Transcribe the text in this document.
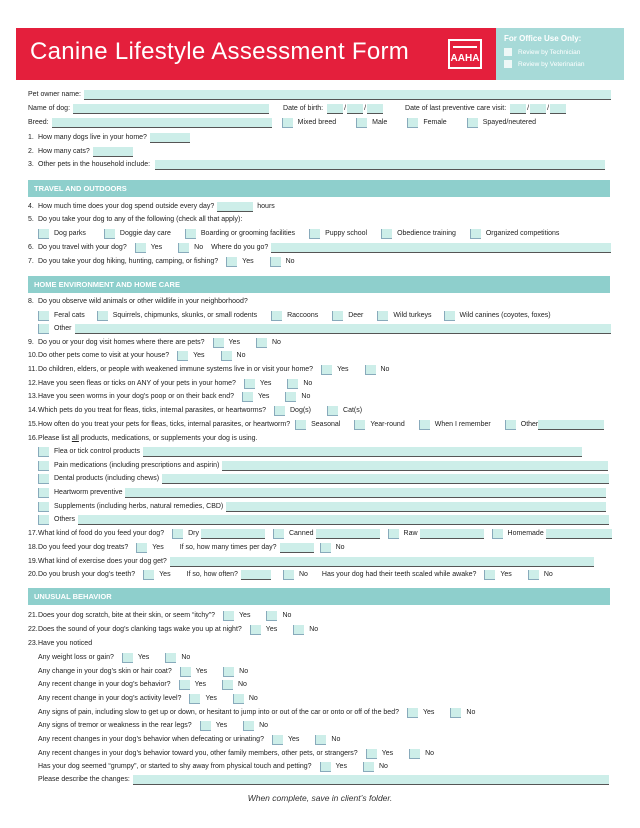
Canine Lifestyle Assessment Form	AAHA
For Office Use Only:
Review by Technician
Review by Veterinarian
Pet owner name:
Name of dog:	Date of birth:	/	/	Date of last preventive care visit:	/	/
Breed:	Mixed breed	Male	Female	Spayed/neutered
1. How many dogs live in your home?
2. How many cats?
3. Other pets in the household include:
TRAVEL AND OUTDOORS
4. How much time does your dog spend outside every day?	hours
5. Do you take your dog to any of the following (check all that apply):
Dog parks	Doggie day care	Boarding or grooming facilities	Puppy school	Obedience training	Organized competitions
6. Do you travel with your dog?	Yes	No Where do you go?
7. Do you take your dog hiking, hunting, camping, or fishing?	Yes	No
HOME ENVIRONMENT AND HOME CARE
8. Do you observe wild animals or other wildlife in your neighborhood?
Feral cats	Squirrels, chipmunks, skunks, or small rodents	Raccoons	Deer	Wild turkeys	Wild canines (coyotes, foxes)
Other
9. Do you or your dog visit homes where there are pets?	Yes	No
10. Do other pets come to visit at your house?	Yes	No
11. Do children, elders, or people with weakened immune systems live in or visit your home?	Yes	No
12. Have you seen fleas or ticks on ANY of your pets in your home?	Yes	No
13. Have you seen worms in your dog’s poop or on their back end?	Yes	No
14. Which pets do you treat for fleas, ticks, internal parasites, or heartworms?	Dog(s)	Cat(s)
15. How often do you treat your pets for fleas, ticks, internal parasites, or heartworm?	Seasonal	Year-round	When I remember	Other
16. Please list
all
products, medications, or supplements your dog is using.
Flea or tick control products
Pain medications (including prescriptions and aspirin)
Dental products (including chews)
Heartworm preventive
Supplements (including herbs, natural remedies, CBD)
Others
17. What kind of food do you feed your dog?	Dry	Canned	Raw	Homemade
18. Do you feed your dog treats?	Yes If so, how many times per day?	No
19. What kind of exercise does your dog get?
20. Do you brush your dog’s teeth?	Yes If so, how often?	No Has your dog had their teeth scaled while awake?	Yes	No
UNUSUAL BEHAVIOR
21. Does your dog scratch, bite at their skin, or seem “itchy”?	Yes	No
22. Does the sound of your dog’s clanking tags wake you up at night?	Yes	No
23. Have you noticed
Any weight loss or gain?	Yes	No
Any change in your dog’s skin or hair coat?	Yes	No
Any recent change in your dog’s behavior?	Yes	No
Any recent change in your dog’s activity level?	Yes	No
Any signs of pain, including slow to get up or down, or hesitant to jump into or out of the car or onto or off of the bed?	Yes	No
Any signs of tremor or weakness in the rear legs?	Yes	No
Any recent changes in your dog’s behavior when defecating or urinating?	Yes	No
Any recent changes in your dog’s behavior toward you, other family members, other pets, or strangers?	Yes	No
Has your dog seemed “grumpy”, or started to shy away from physical touch and petting?	Yes	No
Please describe the changes:
When complete, save in client’s folder.
